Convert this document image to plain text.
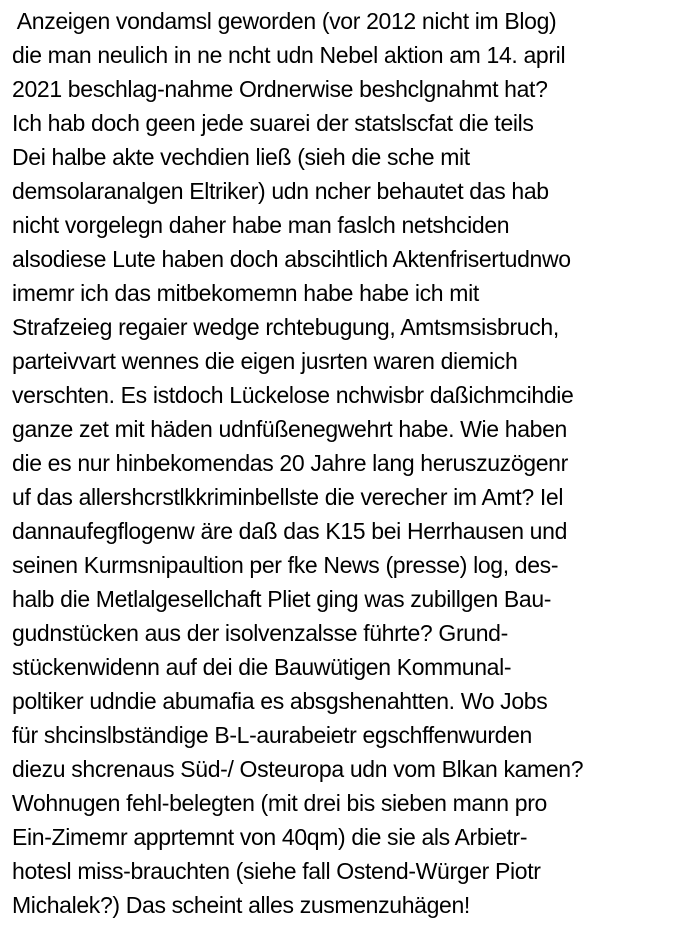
Anzeigen vondamsl geworden (vor 2012 nicht im Blog)
die man neulich in ne ncht udn Nebel aktion am 14. april
2021 beschlag-nahme Ordnerwise beshclgnahmt hat?
Ich hab doch geen jede suarei der statslscfat die teils
Dei halbe akte vechdien ließ (sieh die sche mit
demsolaranalgen Eltriker) udn ncher behautet das hab
nicht vorgelegn daher habe man faslch netshciden
alsodiese Lute haben doch abscihtlich Aktenfrisertudnwo
imemr ich das mitbekomemn habe habe ich mit
Strafzeieg regaier wedge rchtebugung, Amtsmsisbruch,
parteivvart wennes die eigen jusrten waren diemich
verschten. Es istdoch Lückelose nchwisbr daßichmcihdie
ganze zet mit häden udnfüßenegwehrt habe. Wie haben
die es nur hinbekomendas 20 Jahre lang heruszuzögenr
uf das allershcrstlkkriminbellste die verecher im Amt? Iel
dannaufegflogenw äre daß das K15 bei Herrhausen und
seinen Kurmsnipaultion per fke News (presse) log, des-
halb die Metlalgesellchaft Pliet ging was zubillgen Bau-
gudnstücken aus der isolvenzalsse führte? Grund-
stückenwidenn auf dei die Bauwütigen Kommunal-
poltiker udndie abumafia es absgshenahtten. Wo Jobs
für shcinslbständige B-L-aurabeietr egschffenwurden
diezu shcrenaus Süd-/ Osteuropa udn vom Blkan kamen?
Wohnugen fehl-belegten (mit drei bis sieben mann pro
Ein-Zimemr apprtemnt von 40qm) die sie als Arbietr-
hotesl miss-brauchten (siehe fall Ostend-Würger Piotr
Michalek?) Das scheint alles zusmenzuhägen!
